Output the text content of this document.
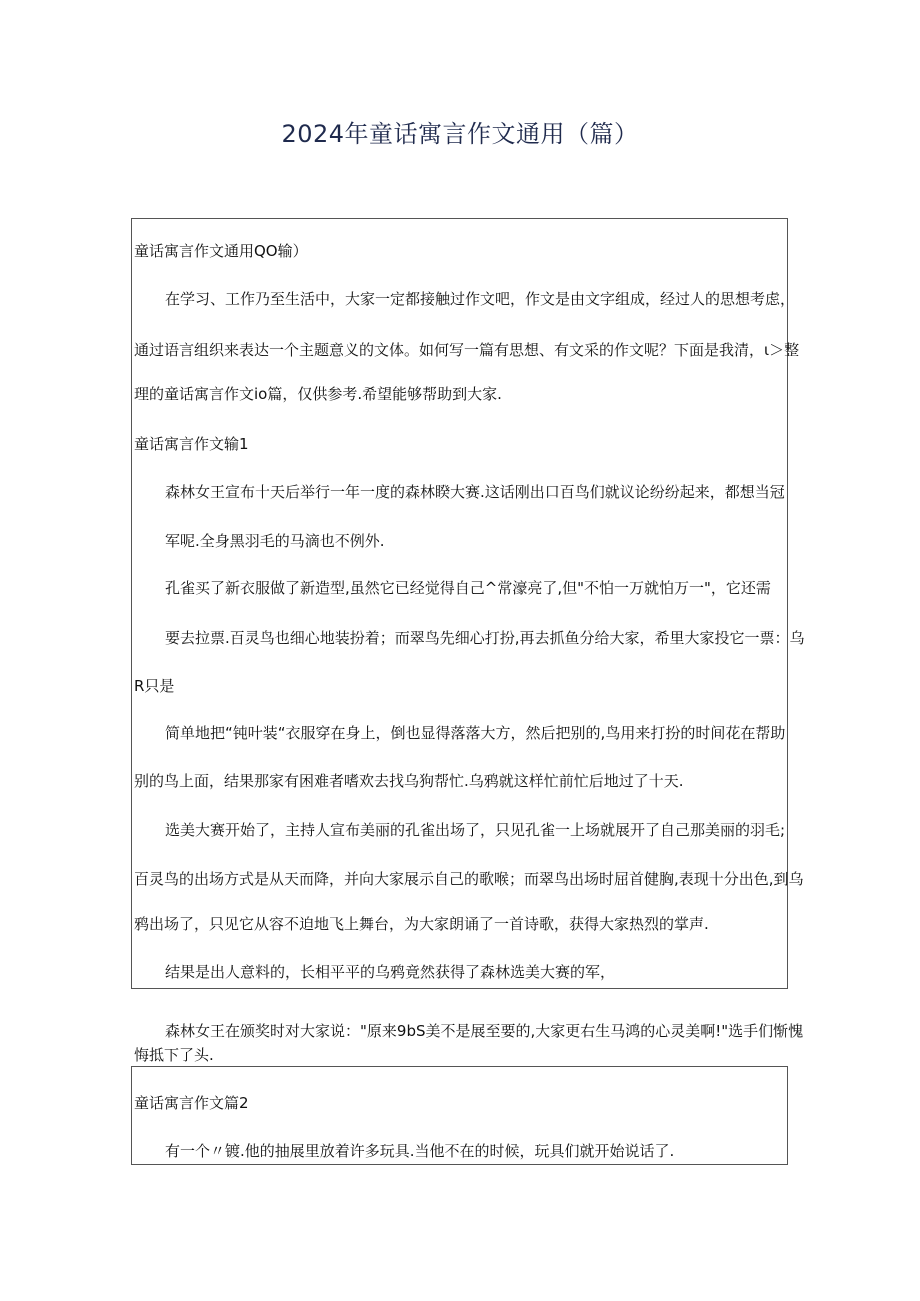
2024年童话寓言作文通用（篇）
童话寓言作文通用QO输）
在学习、工作乃至生活中，大家一定都接触过作文吧，作文是由文字组成，经过人的思想考虑，
通过语言组织来表达一个主题意义的文体。如何写一篇有思想、有文采的作文呢？下面是我清，ι＞整
理的童话寓言作文io篇，仅供参考.希望能够帮助到大家.
童话寓言作文输1
森林女王宣布十天后举行一年一度的森林睽大赛.这话刚出口百鸟们就议论纷纷起来，都想当冠
军呢.全身黑羽毛的马滴也不例外.
孔雀买了新衣服做了新造型,虽然它已经觉得自己^常濠亮了,但"不怕一万就怕万一"，它还需
要去拉票.百灵鸟也细心地装扮着；而翠鸟先细心打扮,再去抓鱼分给大家，希里大家投它一票：乌
R只是
简单地把“钝叶装“衣服穿在身上，倒也显得落落大方，然后把别的,鸟用来打扮的时间花在帮助
别的鸟上面，结果那家有困难者嗜欢去找乌狗帮忙.乌鸦就这样忙前忙后地过了十天.
选美大赛开始了，主持人宣布美丽的孔雀出场了，只见孔雀一上场就展开了自己那美丽的羽毛;
百灵鸟的出场方式是从天而降，并向大家展示自己的歌喉；而翠鸟出场时屈首健胸,表现十分出色,到乌
鸦出场了，只见它从容不迫地飞上舞台，为大家朗诵了一首诗歌，获得大家热烈的掌声.
结果是出人意料的，长相平平的乌鸦竟然获得了森林选美大赛的军，
森林女王在颁奖时对大家说："原来9bS美不是展至要的,大家更右生马鸿的心灵美啊!"选手们惭愧
悔抵下了头.
童话寓言作文篇2
有一个〃镀.他的抽展里放着许多玩具.当他不在的时候，玩具们就开始说话了.
